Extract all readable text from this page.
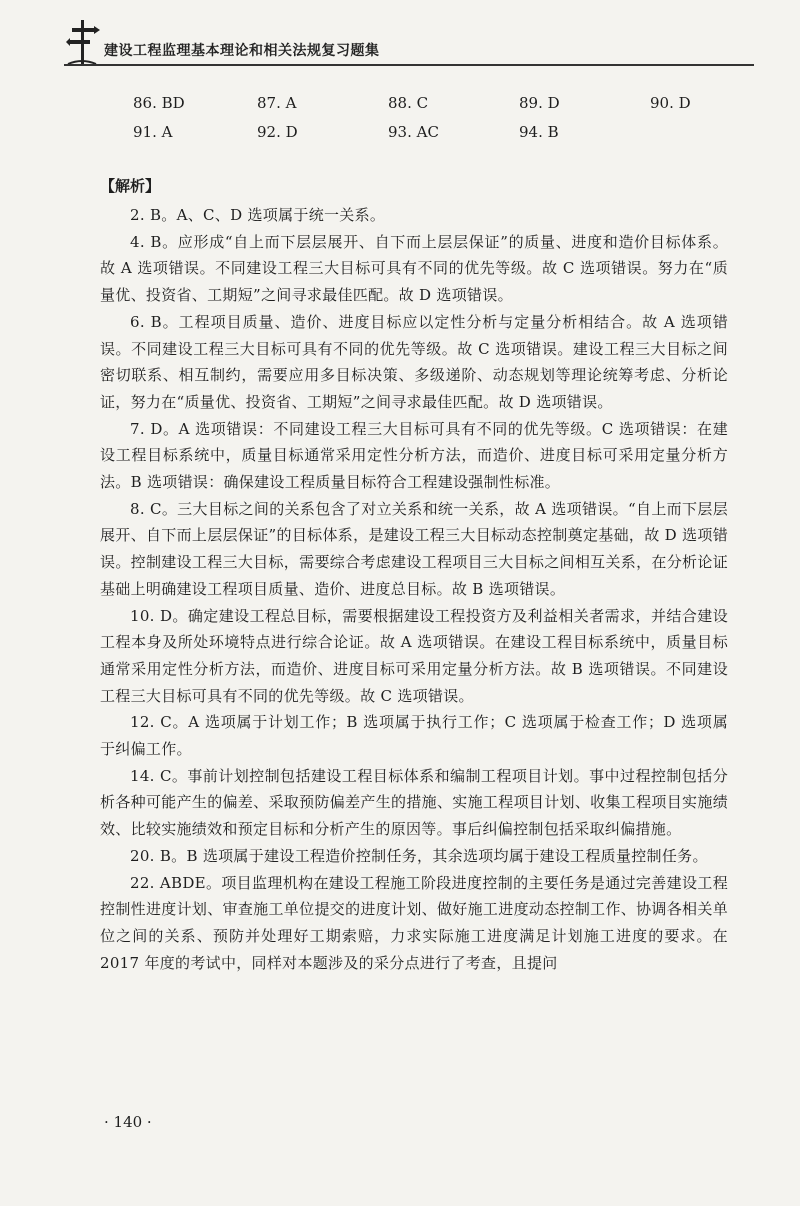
建设工程监理基本理论和相关法规复习题集
86. BD	87. A	88. C	89. D	90. D
91. A	92. D	93. AC	94. B
【解析】

2. B。A、C、D 选项属于统一关系。

4. B。应形成“自上而下层层展开、自下而上层层保证”的质量、进度和造价目标体系。故 A 选项错误。不同建设工程三大目标可具有不同的优先等级。故 C 选项错误。努力在“质量优、投资省、工期短”之间寻求最佳匹配。故 D 选项错误。

6. B。工程项目质量、造价、进度目标应以定性分析与定量分析相结合。故 A 选项错误。不同建设工程三大目标可具有不同的优先等级。故 C 选项错误。建设工程三大目标之间密切联系、相互制约，需要应用多目标决策、多级递阶、动态规划等理论统筹考虑、分析论证，努力在“质量优、投资省、工期短”之间寻求最佳匹配。故 D 选项错误。

7. D。A 选项错误：不同建设工程三大目标可具有不同的优先等级。C 选项错误：在建设工程目标系统中，质量目标通常采用定性分析方法，而造价、进度目标可采用定量分析方法。B 选项错误：确保建设工程质量目标符合工程建设强制性标准。

8. C。三大目标之间的关系包含了对立关系和统一关系，故 A 选项错误。“自上而下层层展开、自下而上层层保证”的目标体系，是建设工程三大目标动态控制奠定基础，故 D 选项错误。控制建设工程三大目标，需要综合考虑建设工程项目三大目标之间相互关系，在分析论证基础上明确建设工程项目质量、造价、进度总目标。故 B 选项错误。

10. D。确定建设工程总目标，需要根据建设工程投资方及利益相关者需求，并结合建设工程本身及所处环境特点进行综合论证。故 A 选项错误。在建设工程目标系统中，质量目标通常采用定性分析方法，而造价、进度目标可采用定量分析方法。故 B 选项错误。不同建设工程三大目标可具有不同的优先等级。故 C 选项错误。

12. C。A 选项属于计划工作；B 选项属于执行工作；C 选项属于检查工作；D 选项属于纠偏工作。

14. C。事前计划控制包括建设工程目标体系和编制工程项目计划。事中过程控制包括分析各种可能产生的偏差、采取预防偏差产生的措施、实施工程项目计划、收集工程项目实施绩效、比较实施绩效和预定目标和分析产生的原因等。事后纠偏控制包括采取纠偏措施。

20. B。B 选项属于建设工程造价控制任务，其余选项均属于建设工程质量控制任务。

22. ABDE。项目监理机构在建设工程施工阶段进度控制的主要任务是通过完善建设工程控制性进度计划、审查施工单位提交的进度计划、做好施工进度动态控制工作、协调各相关单位之间的关系、预防并处理好工期索赔，力求实际施工进度满足计划施工进度的要求。在 2017 年度的考试中，同样对本题涉及的采分点进行了考查，且提问

· 140 ·
